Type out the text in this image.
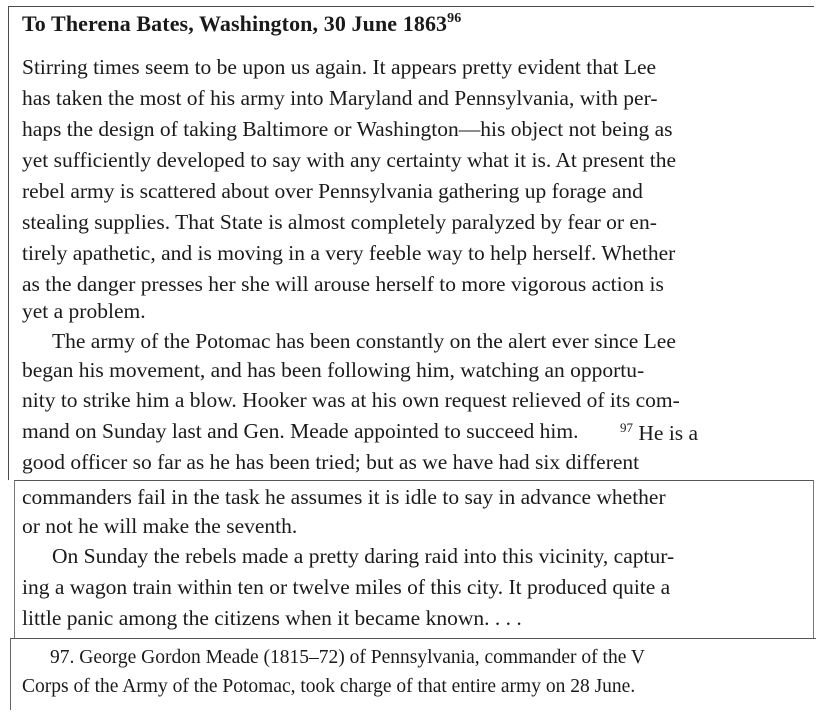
To Therena Bates, Washington, 30 June 1863$^{96}$
Stirring times seem to be upon us again. It appears pretty evident that Lee
has taken the most of his army into Maryland and Pennsylvania, with per-
haps the design of taking Baltimore or Washington—his object not being as
yet sufficiently developed to say with any certainty what it is. At present the
rebel army is scattered about over Pennsylvania gathering up forage and
stealing supplies. That State is almost completely paralyzed by fear or en-
tirely apathetic, and is moving in a very feeble way to help herself. Whether
as the danger presses her she will arouse herself to more vigorous action is
yet a problem.
The army of the Potomac has been constantly on the alert ever since Lee
began his movement, and has been following him, watching an opportu-
nity to strike him a blow. Hooker was at his own request relieved of its com-
mand on Sunday last and Gen. Meade appointed to succeed him.	$^{97}$ He is a
good officer so far as he has been tried; but as we have had six different
commanders fail in the task he assumes it is idle to say in advance whether
or not he will make the seventh.
On Sunday the rebels made a pretty daring raid into this vicinity, captur-
ing a wagon train within ten or twelve miles of this city. It produced quite a
little panic among the citizens when it became known. . . .
97. George Gordon Meade (1815–72) of Pennsylvania, commander of the V
Corps of the Army of the Potomac, took charge of that entire army on 28 June.
